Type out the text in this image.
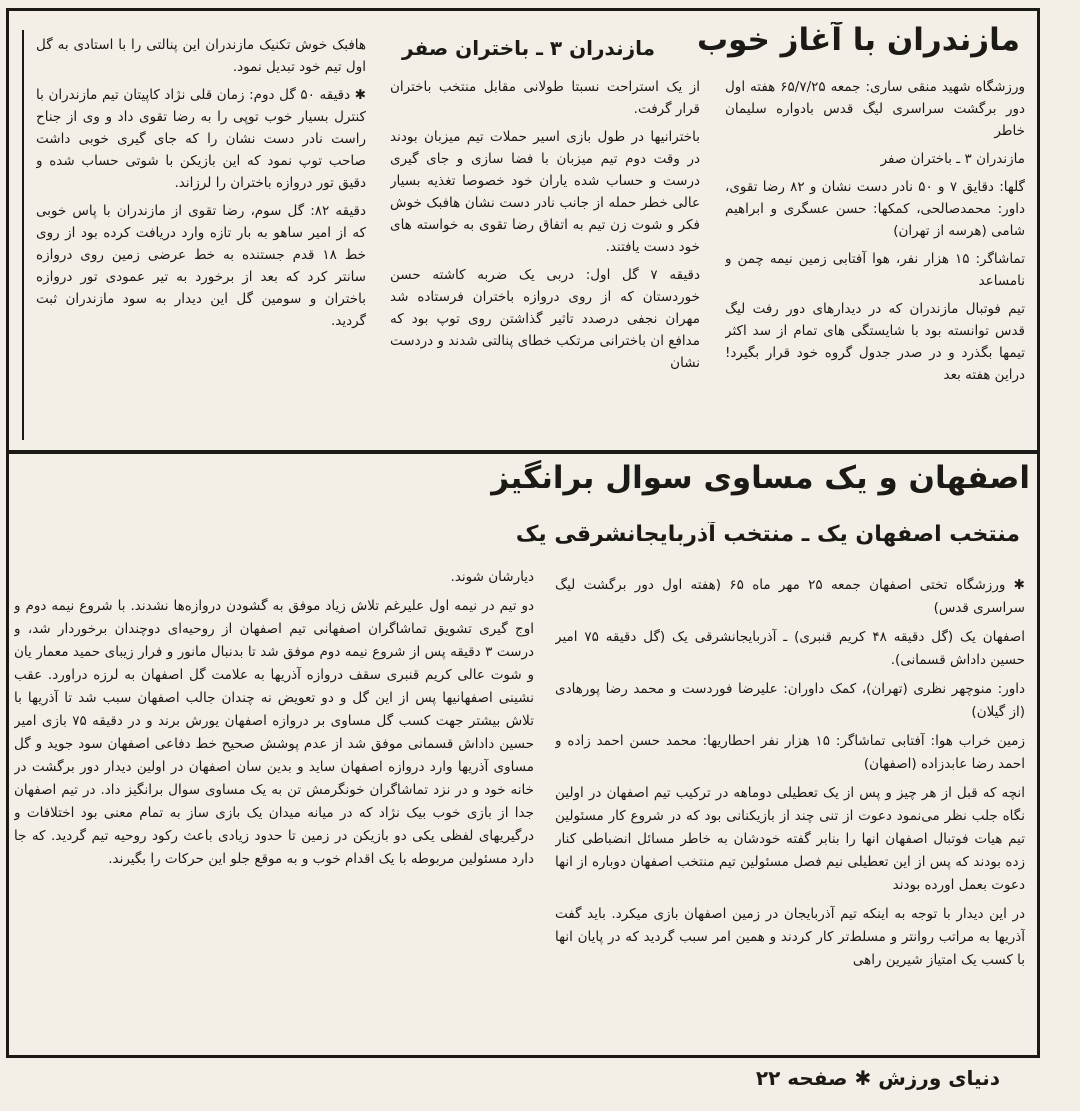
مازندران با آغاز خوب
مازندران ۳ ـ باختران صفر

ورزشگاه شهید منقی ساری: جمعه ۶۵/۷/۲۵ هفته اول دور برگشت سراسری لیگ قدس بادواره سلیمان خاطر

مازندران ۳ ـ باختران صفر

گلها: دقایق ۷ و ۵۰ نادر دست نشان و ۸۲ رضا تقوی، داور: محمدصالحی، کمکها: حسن عسگری و ابراهیم شامی (هرسه از تهران)

تماشاگر: ۱۵ هزار نفر، هوا آفتابی زمین نیمه چمن و نامساعد

تیم فوتبال مازندران که در دیدارهای دور رفت لیگ قدس توانسته بود با شایستگی های تمام از سد اکثر تیمها بگذرد و در صدر جدول گروه خود قرار بگیرد! دراین هفته بعد

از یک استراحت نسبتا طولانی مقابل منتخب باختران قرار گرفت.

باخترانیها در طول بازی اسیر حملات تیم میزبان بودند در وقت دوم تیم میزبان با فضا سازی و جای گیری درست و حساب شده یاران خود خصوصا تغذیه بسیار عالی خطر حمله از جانب نادر دست نشان هافبک خوش فکر و شوت زن تیم به اتفاق رضا تقوی به خواسته های خود دست یافتند.

دقیقه ۷ گل اول: دربی یک ضربه کاشته حسن خوردستان که از روی دروازه باختران فرستاده شد مهران نجفی درصدد تاثیر گذاشتن روی توپ بود که مدافع ان باخترانی مرتکب خطای پنالتی شدند و دردست نشان

هافبک خوش تکنیک مازندران این پنالتی را با استادی به گل اول تیم خود تبدیل نمود.

✱ دقیقه ۵۰ گل دوم: زمان قلی نژاد کاپیتان تیم مازندران با کنترل بسیار خوب توپی را به رضا تقوی داد و وی از جناح راست نادر دست نشان را که جای گیری خوبی داشت صاحب توپ نمود که این بازیکن با شوتی حساب شده و دقیق تور دروازه باختران را لرزاند.

دقیقه ۸۲: گل سوم، رضا تقوی از مازندران با پاس خوبی که از امیر ساهو به بار تازه وارد دریافت کرده بود از روی خط ۱۸ قدم جستنده به خط عرضی زمین روی دروازه سانتر کرد که بعد از برخورد به تیر عمودی تور دروازه باختران و سومین گل این دیدار به سود مازندران ثبت گردید.

اصفهان و یک مساوی سوال برانگیز
منتخب اصفهان یک ـ منتخب آذربایجانشرقی یک

✱ ورزشگاه تختی اصفهان جمعه ۲۵ مهر ماه ۶۵ (هفته اول دور برگشت لیگ سراسری قدس)

اصفهان یک (گل دقیقه ۴۸ کریم قنبری) ـ آذربایجانشرقی یک (گل دقیقه ۷۵ امیر حسین داداش قسمانی).

داور: منوچهر نظری (تهران)، کمک داوران: علیرضا فوردست و محمد رضا پورهادی (از گیلان)

زمین خراب هوا: آفتابی تماشاگر: ۱۵ هزار نفر احطاریها: محمد حسن احمد زاده و احمد رضا عابدزاده (اصفهان)

انچه که قبل از هر چیز و پس از یک تعطیلی دوماهه در ترکیب تیم اصفهان در اولین نگاه جلب نظر می‌نمود دعوت از تنی چند از بازیکنانی بود که در شروع کار مسئولین تیم هیات فوتبال اصفهان انها را بنابر گفته خودشان به خاطر مسائل انضباطی کنار زده بودند که پس از این تعطیلی نیم فصل مسئولین تیم منتخب اصفهان دوباره از انها دعوت بعمل اورده بودند

در این دیدار با توجه به اینکه تیم آذربایجان در زمین اصفهان بازی میکرد. باید گفت آذریها به مراتب روانتر و مسلط‌تر کار کردند و همین امر سبب گردید که در پایان انها با کسب یک امتیاز شیرین راهی

دیارشان شوند.

دو تیم در نیمه اول علیرغم تلاش زیاد موفق به گشودن دروازه‌ها نشدند. با شروع نیمه دوم و اوج گیری تشویق تماشاگران اصفهانی تیم اصفهان از روحیه‌ای دوچندان برخوردار شد، و درست ۳ دقیقه پس از شروع نیمه دوم موفق شد تا بدنبال مانور و فرار زیبای حمید معمار یان و شوت عالی کریم قنبری سقف دروازه آذریها به علامت گل اصفهان به لرزه دراورد. عقب نشینی اصفهانیها پس از این گل و دو تعویض نه چندان جالب اصفهان سبب شد تا آذریها با تلاش بیشتر جهت کسب گل مساوی بر دروازه اصفهان یورش برند و در دقیقه ۷۵ بازی امیر حسین داداش قسمانی موفق شد از عدم پوشش صحیح خط دفاعی اصفهان سود جوید و گل مساوی آذریها وارد دروازه اصفهان ساید و بدین سان اصفهان در اولین دیدار دور برگشت در خانه خود و در نزد تماشاگران خونگرمش تن به یک مساوی سوال برانگیز داد. در تیم اصفهان جدا از بازی خوب بیک نژاد که در میانه میدان یک بازی ساز به تمام معنی بود اختلافات و درگیریهای لفظی یکی دو بازیکن در زمین تا حدود زیادی باعث رکود روحیه تیم گردید. که جا دارد مسئولین مربوطه با یک اقدام خوب و به موقع جلو این حرکات را بگیرند.

دنیای ورزش ✱ صفحه ۲۲
